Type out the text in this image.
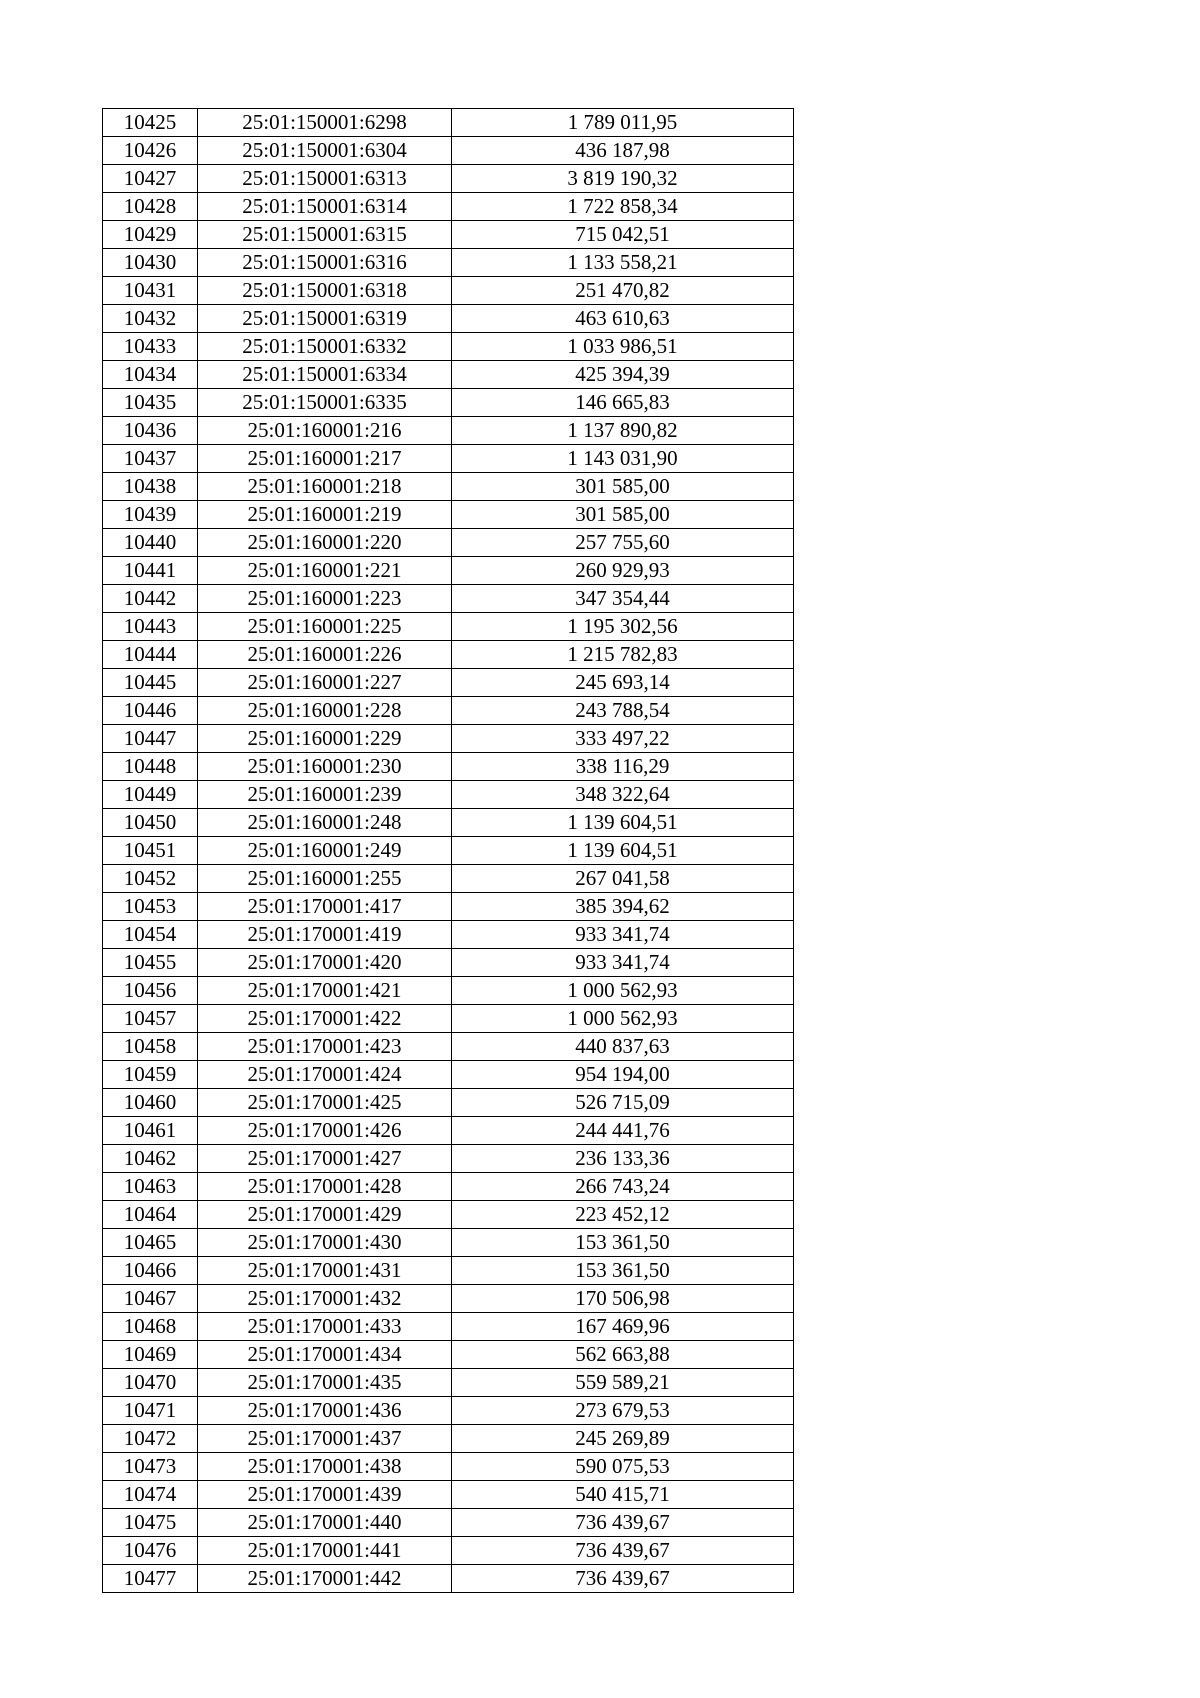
10425	25:01:150001:6298	1 789 011,95
10426	25:01:150001:6304	436 187,98
10427	25:01:150001:6313	3 819 190,32
10428	25:01:150001:6314	1 722 858,34
10429	25:01:150001:6315	715 042,51
10430	25:01:150001:6316	1 133 558,21
10431	25:01:150001:6318	251 470,82
10432	25:01:150001:6319	463 610,63
10433	25:01:150001:6332	1 033 986,51
10434	25:01:150001:6334	425 394,39
10435	25:01:150001:6335	146 665,83
10436	25:01:160001:216	1 137 890,82
10437	25:01:160001:217	1 143 031,90
10438	25:01:160001:218	301 585,00
10439	25:01:160001:219	301 585,00
10440	25:01:160001:220	257 755,60
10441	25:01:160001:221	260 929,93
10442	25:01:160001:223	347 354,44
10443	25:01:160001:225	1 195 302,56
10444	25:01:160001:226	1 215 782,83
10445	25:01:160001:227	245 693,14
10446	25:01:160001:228	243 788,54
10447	25:01:160001:229	333 497,22
10448	25:01:160001:230	338 116,29
10449	25:01:160001:239	348 322,64
10450	25:01:160001:248	1 139 604,51
10451	25:01:160001:249	1 139 604,51
10452	25:01:160001:255	267 041,58
10453	25:01:170001:417	385 394,62
10454	25:01:170001:419	933 341,74
10455	25:01:170001:420	933 341,74
10456	25:01:170001:421	1 000 562,93
10457	25:01:170001:422	1 000 562,93
10458	25:01:170001:423	440 837,63
10459	25:01:170001:424	954 194,00
10460	25:01:170001:425	526 715,09
10461	25:01:170001:426	244 441,76
10462	25:01:170001:427	236 133,36
10463	25:01:170001:428	266 743,24
10464	25:01:170001:429	223 452,12
10465	25:01:170001:430	153 361,50
10466	25:01:170001:431	153 361,50
10467	25:01:170001:432	170 506,98
10468	25:01:170001:433	167 469,96
10469	25:01:170001:434	562 663,88
10470	25:01:170001:435	559 589,21
10471	25:01:170001:436	273 679,53
10472	25:01:170001:437	245 269,89
10473	25:01:170001:438	590 075,53
10474	25:01:170001:439	540 415,71
10475	25:01:170001:440	736 439,67
10476	25:01:170001:441	736 439,67
10477	25:01:170001:442	736 439,67
